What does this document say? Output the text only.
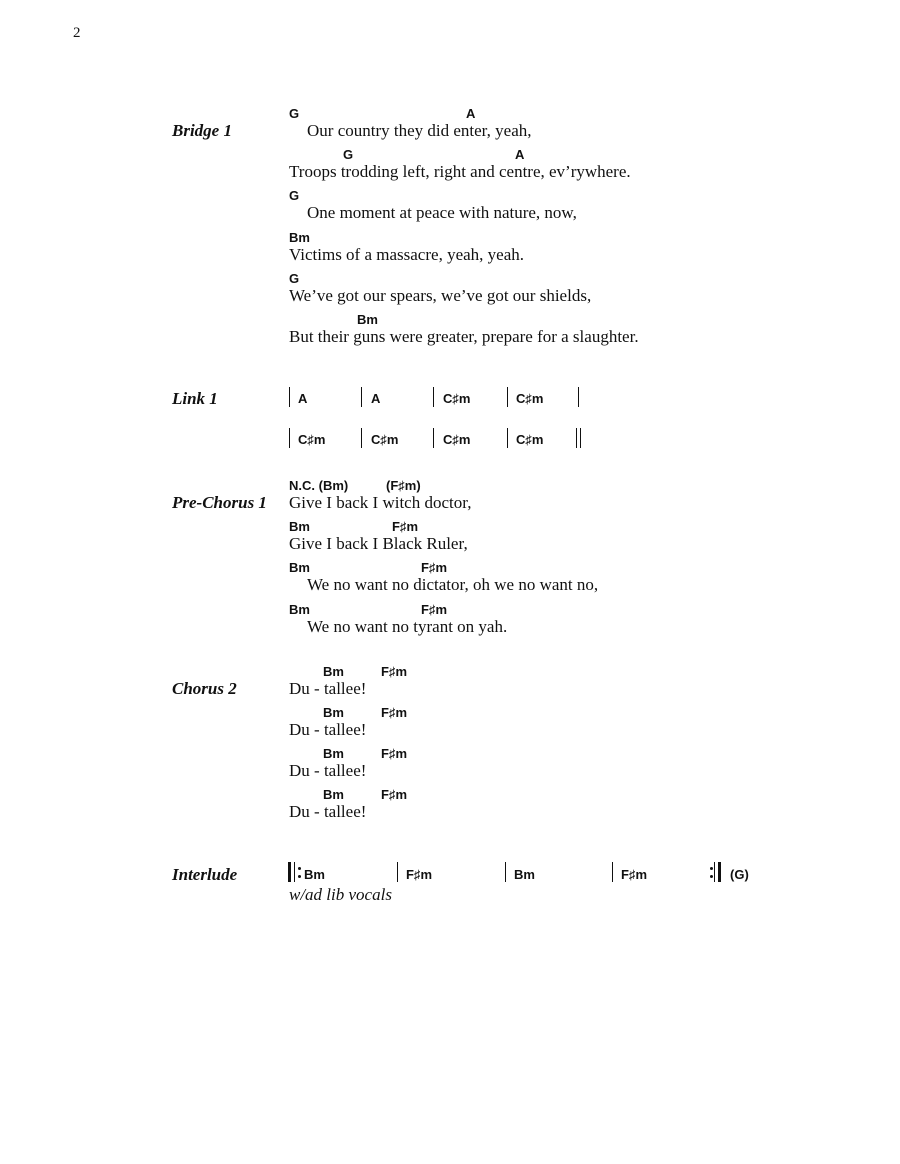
2
Bridge 1
G	A
Our country they did enter, yeah,
G	A
Troops trodding left, right and centre, ev’rywhere.
G
One moment at peace with nature, now,
Bm
Victims of a massacre, yeah, yeah.
G
We’ve got our spears, we’ve got our shields,
Bm
But their guns were greater, prepare for a slaughter.
Link 1	A	A	C♯m	C♯m
C♯m	C♯m	C♯m	C♯m
Pre-Chorus 1
N.C. (Bm)	(F♯m)
Give I back I witch doctor,
Bm	F♯m
Give I back I Black Ruler,
Bm	F♯m
We no want no dictator, oh we no want no,
Bm	F♯m
We no want no tyrant on yah.
Chorus 2
Bm	F♯m
Du - tallee!
Bm	F♯m
Du - tallee!
Bm	F♯m
Du - tallee!
Bm	F♯m
Du - tallee!
Interlude	Bm	F♯m	Bm	F♯m	(G)
w/ad lib vocals
